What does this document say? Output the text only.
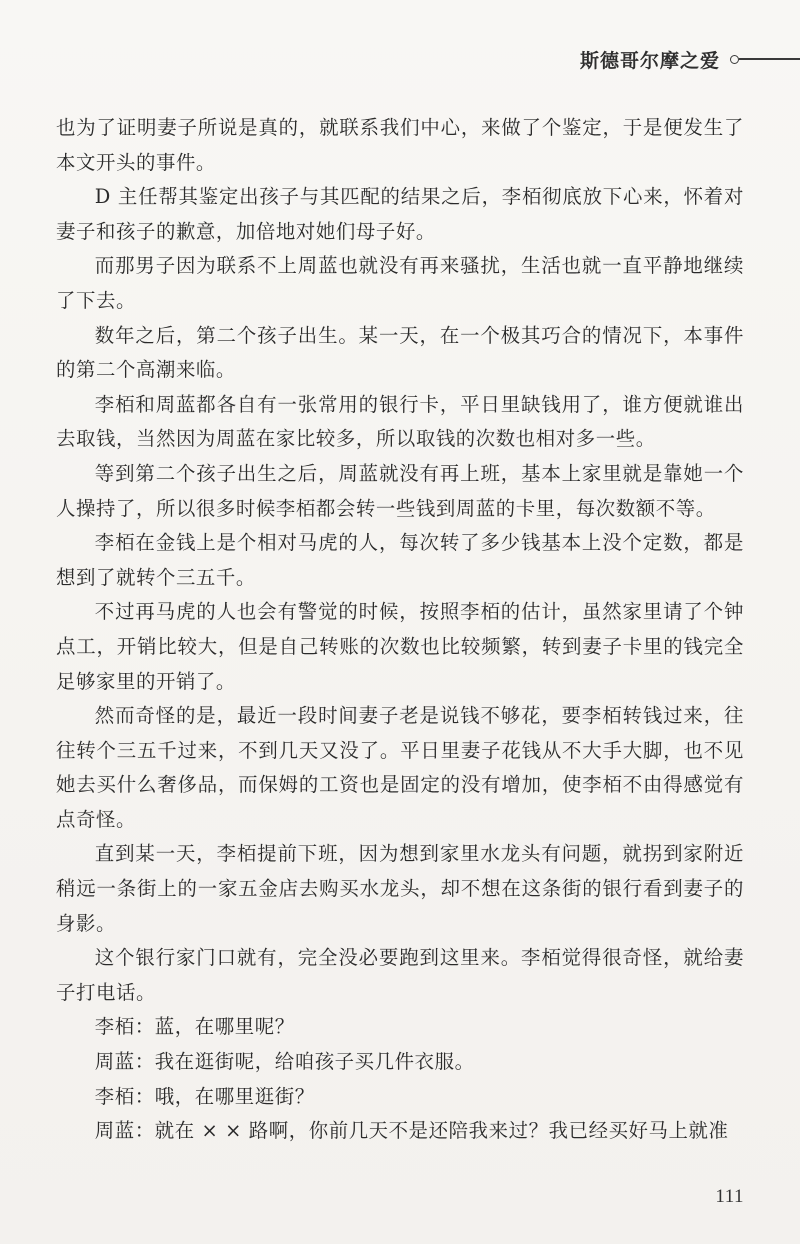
斯德哥尔摩之爱

也为了证明妻子所说是真的，就联系我们中心，来做了个鉴定，于是便发生了本文开头的事件。

D 主任帮其鉴定出孩子与其匹配的结果之后，李栢彻底放下心来，怀着对妻子和孩子的歉意，加倍地对她们母子好。

而那男子因为联系不上周蓝也就没有再来骚扰，生活也就一直平静地继续了下去。

数年之后，第二个孩子出生。某一天，在一个极其巧合的情况下，本事件的第二个高潮来临。

李栢和周蓝都各自有一张常用的银行卡，平日里缺钱用了，谁方便就谁出去取钱，当然因为周蓝在家比较多，所以取钱的次数也相对多一些。

等到第二个孩子出生之后，周蓝就没有再上班，基本上家里就是靠她一个人操持了，所以很多时候李栢都会转一些钱到周蓝的卡里，每次数额不等。

李栢在金钱上是个相对马虎的人，每次转了多少钱基本上没个定数，都是想到了就转个三五千。

不过再马虎的人也会有警觉的时候，按照李栢的估计，虽然家里请了个钟点工，开销比较大，但是自己转账的次数也比较频繁，转到妻子卡里的钱完全足够家里的开销了。

然而奇怪的是，最近一段时间妻子老是说钱不够花，要李栢转钱过来，往往转个三五千过来，不到几天又没了。平日里妻子花钱从不大手大脚，也不见她去买什么奢侈品，而保姆的工资也是固定的没有增加，使李栢不由得感觉有点奇怪。

直到某一天，李栢提前下班，因为想到家里水龙头有问题，就拐到家附近稍远一条街上的一家五金店去购买水龙头，却不想在这条街的银行看到妻子的身影。

这个银行家门口就有，完全没必要跑到这里来。李栢觉得很奇怪，就给妻子打电话。

李栢：蓝，在哪里呢？

周蓝：我在逛街呢，给咱孩子买几件衣服。

李栢：哦，在哪里逛街？

周蓝：就在 × × 路啊，你前几天不是还陪我来过？我已经买好马上就准

111
